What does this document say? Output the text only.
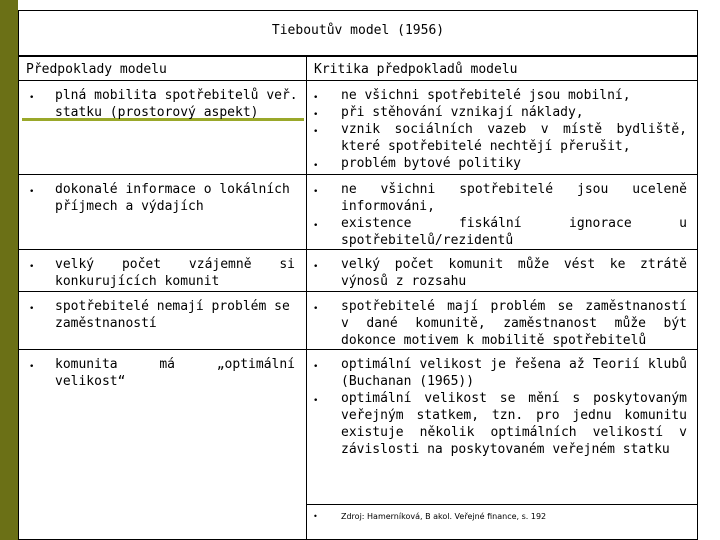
Tieboutův model (1956)
Předpoklady modelu	Kritika předpokladů modelu
• plná mobilita spotřebitelů veř.
statku (prostorový aspekt)
•
•
•
•
ne všichni spotřebitelé jsou mobilní,
při stěhování vznikají náklady,
vznik sociálních vazeb v místě bydliště,
které spotřebitelé nechtějí přerušit,
problém bytové politiky
• dokonalé informace o lokálních
příjmech a výdajích
•
•
ne všichni spotřebitelé jsou uceleně
informováni,
existence fiskální ignorace u
spotřebitelů/rezidentů
• velký počet vzájemně si
konkurujících komunit
• velký počet komunit může vést ke ztrátě
výnosů z rozsahu
• spotřebitelé nemají problém se
zaměstnaností
• spotřebitelé mají problém se zaměstnaností
v dané komunitě, zaměstnanost může být
dokonce motivem k mobilitě spotřebitelů
• komunita má „optimální
velikost“
•
•
optimální velikost je řešena až Teorií klubů
(Buchanan (1965))
optimální velikost se mění s poskytovaným
veřejným statkem, tzn. pro jednu komunitu
existuje několik optimálních velikostí v
závislosti na poskytovaném veřejném statku
•	Zdroj: Hamerníková, B akol. Veřejné finance, s. 192
